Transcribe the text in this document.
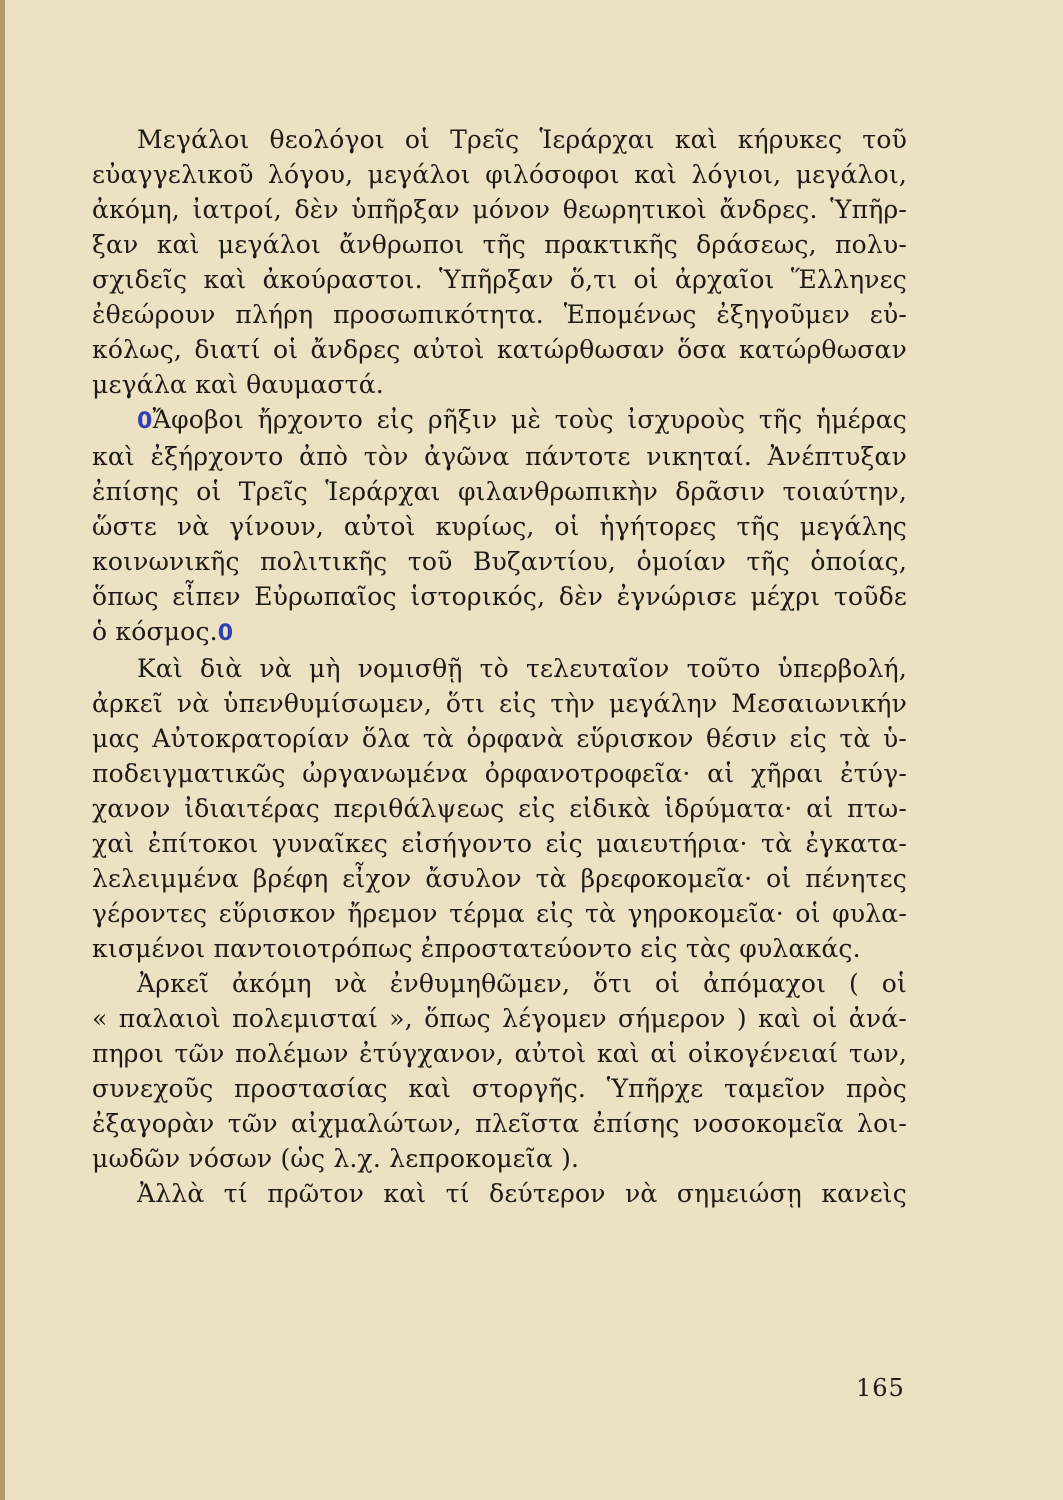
Μεγάλοι θεολόγοι οἱ Τρεῖς Ἱεράρχαι καὶ κήρυκες τοῦ
εὐαγγελικοῦ λόγου, μεγάλοι φιλόσοφοι καὶ λόγιοι, μεγάλοι,
ἀκόμη, ἰατροί, δὲν ὑπῆρξαν μόνον θεωρητικοὶ ἄνδρες. Ὑπῆρ-
ξαν καὶ μεγάλοι ἄνθρωποι τῆς πρακτικῆς δράσεως, πολυ-
σχιδεῖς καὶ ἀκούραστοι. Ὑπῆρξαν ὅ,τι οἱ ἀρχαῖοι Ἕλληνες
ἐθεώρουν πλήρη προσωπικότητα. Ἑπομένως ἐξηγοῦμεν εὐ-
κόλως, διατί οἱ ἄνδρες αὐτοὶ κατώρθωσαν ὅσα κατώρθωσαν
μεγάλα καὶ θαυμαστά.
0Ἄφοβοι ἤρχοντο εἰς ρῆξιν μὲ τοὺς ἰσχυροὺς τῆς ἡμέρας
καὶ ἐξήρχοντο ἀπὸ τὸν ἀγῶνα πάντοτε νικηταί. Ἀνέπτυξαν
ἐπίσης οἱ Τρεῖς Ἱεράρχαι φιλανθρωπικὴν δρᾶσιν τοιαύτην,
ὥστε νὰ γίνουν, αὐτοὶ κυρίως, οἱ ἡγήτορες τῆς μεγάλης
κοινωνικῆς πολιτικῆς τοῦ Βυζαντίου, ὁμοίαν τῆς ὁποίας,
ὅπως εἶπεν Εὐρωπαῖος ἱστορικός, δὲν ἐγνώρισε μέχρι τοῦδε
ὁ κόσμος.0
Καὶ διὰ νὰ μὴ νομισθῇ τὸ τελευταῖον τοῦτο ὑπερβολή,
ἀρκεῖ νὰ ὑπενθυμίσωμεν, ὅτι εἰς τὴν μεγάλην Μεσαιωνικήν
μας Αὐτοκρατορίαν ὅλα τὰ ὀρφανὰ εὕρισκον θέσιν εἰς τὰ ὑ-
ποδειγματικῶς ὠργανωμένα ὀρφανοτροφεῖα· αἱ χῆραι ἐτύγ-
χανον ἰδιαιτέρας περιθάλψεως εἰς εἰδικὰ ἱδρύματα· αἱ πτω-
χαὶ ἐπίτοκοι γυναῖκες εἰσήγοντο εἰς μαιευτήρια· τὰ ἐγκατα-
λελειμμένα βρέφη εἶχον ἄσυλον τὰ βρεφοκομεῖα· οἱ πένητες
γέροντες εὕρισκον ἤρεμον τέρμα εἰς τὰ γηροκομεῖα· οἱ φυλα-
κισμένοι παντοιοτρόπως ἐπροστατεύοντο εἰς τὰς φυλακάς.
Ἀρκεῖ ἀκόμη νὰ ἐνθυμηθῶμεν, ὅτι οἱ ἀπόμαχοι ( οἱ
« παλαιοὶ πολεμισταί », ὅπως λέγομεν σήμερον ) καὶ οἱ ἀνά-
πηροι τῶν πολέμων ἐτύγχανον, αὐτοὶ καὶ αἱ οἰκογένειαί των,
συνεχοῦς προστασίας καὶ στοργῆς. Ὑπῆρχε ταμεῖον πρὸς
ἐξαγορὰν τῶν αἰχμαλώτων, πλεῖστα ἐπίσης νοσοκομεῖα λοι-
μωδῶν νόσων (ὡς λ.χ. λεπροκομεῖα ).
Ἀλλὰ τί πρῶτον καὶ τί δεύτερον νὰ σημειώσῃ κανεὶς
165
